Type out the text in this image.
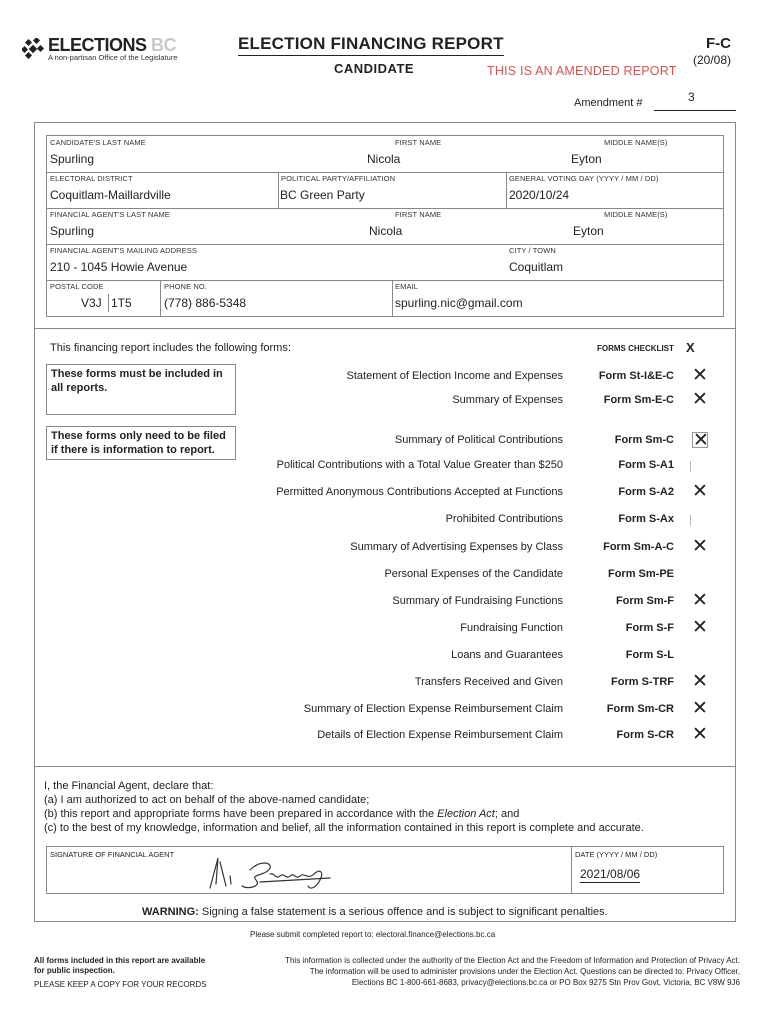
ELECTIONS BC
A non-partisan Office of the Legislature
ELECTION FINANCING REPORT
CANDIDATE	THIS IS AN AMENDED REPORT
F-C
(20/08)
Amendment #	3
CANDIDATE'S LAST NAME
Spurling
FIRST NAME
Nicola
MIDDLE NAME(S)
Eyton
ELECTORAL DISTRICT
Coquitlam-Maillardville
POLITICAL PARTY/AFFILIATION
BC Green Party
GENERAL VOTING DAY (YYYY / MM / DD)
2020/10/24
FINANCIAL AGENT'S LAST NAME
Spurling
FIRST NAME
Nicola
MIDDLE NAME(S)
Eyton
FINANCIAL AGENT'S MAILING ADDRESS
210 - 1045 Howie Avenue
CITY / TOWN
Coquitlam
POSTAL CODE
V3J 1T5
PHONE NO.
(778) 886-5348
EMAIL
spurling.nic@gmail.com
This financing report includes the following forms:	FORMS CHECKLIST X
These forms must be included in all reports.
These forms only need to be filed if there is information to report.
Statement of Election Income and Expenses	Form St-I&E-C ✕
Summary of Expenses	Form Sm-E-C ✕
Summary of Political Contributions	Form Sm-C ✕
Political Contributions with a Total Value Greater than $250	Form S-A1
Permitted Anonymous Contributions Accepted at Functions	Form S-A2 ✕
Prohibited Contributions	Form S-Ax
Summary of Advertising Expenses by Class	Form Sm-A-C ✕
Personal Expenses of the Candidate	Form Sm-PE
Summary of Fundraising Functions	Form Sm-F ✕
Fundraising Function	Form S-F ✕
Loans and Guarantees	Form S-L
Transfers Received and Given	Form S-TRF ✕
Summary of Election Expense Reimbursement Claim	Form Sm-CR ✕
Details of Election Expense Reimbursement Claim	Form S-CR ✕
I, the Financial Agent, declare that:
(a) I am authorized to act on behalf of the above-named candidate;
(b) this report and appropriate forms have been prepared in accordance with the Election Act; and
(c) to the best of my knowledge, information and belief, all the information contained in this report is complete and accurate.
SIGNATURE OF FINANCIAL AGENT	DATE (YYYY / MM / DD)
2021/08/06
WARNING: Signing a false statement is a serious offence and is subject to significant penalties.
Please submit completed report to: electoral.finance@elections.bc.ca
All forms included in this report are available
for public inspection.
PLEASE KEEP A COPY FOR YOUR RECORDS
This information is collected under the authority of the Election Act and the Freedom of Information and Protection of Privacy Act.
The information will be used to administer provisions under the Election Act. Questions can be directed to: Privacy Officer,
Elections BC 1-800-661-8683, privacy@elections.bc.ca or PO Box 9275 Stn Prov Govt, Victoria, BC V8W 9J6
